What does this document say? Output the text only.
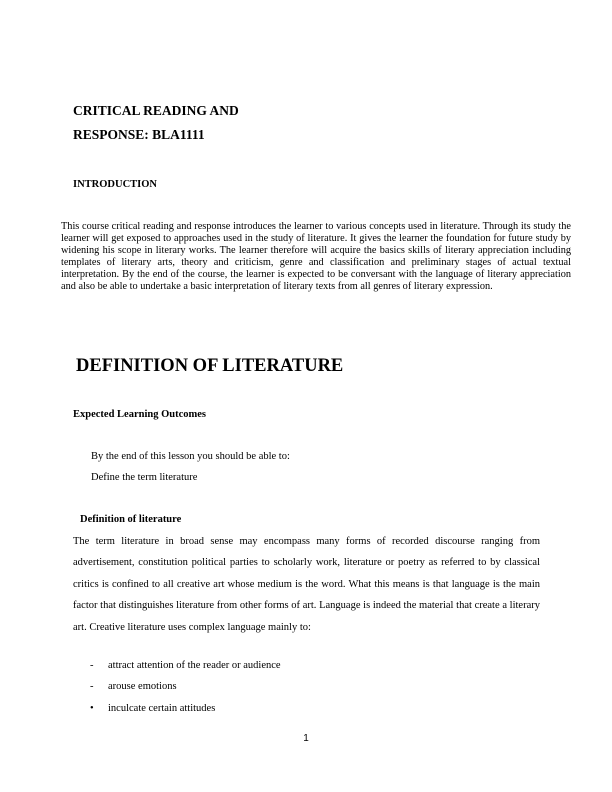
CRITICAL READING AND
RESPONSE: BLA1111
INTRODUCTION

This course critical reading and response introduces the learner to various concepts used in literature. Through its study the learner will get exposed to approaches used in the study of literature. It gives the learner the foundation for future study by widening his scope in literary works. The learner therefore will acquire the basics skills of literary appreciation including templates of literary arts, theory and criticism, genre and classification and preliminary stages of actual textual interpretation. By the end of the course, the learner is expected to be conversant with the language of literary appreciation and also be able to undertake a basic interpretation of literary texts from all genres of literary expression.

DEFINITION OF LITERATURE
Expected Learning Outcomes

By the end of this lesson you should be able to:

Define the term literature

Definition of literature

The term literature in broad sense may encompass many forms of recorded discourse ranging from advertisement, constitution political parties to scholarly work, literature or poetry as referred to by classical critics is confined to all creative art whose medium is the word. What this means is that language is the main factor that distinguishes literature from other forms of art. Language is indeed the material that create a literary art. Creative literature uses complex language mainly to:

-	attract attention of the reader or audience
-	arouse emotions
•	inculcate certain attitudes

1
